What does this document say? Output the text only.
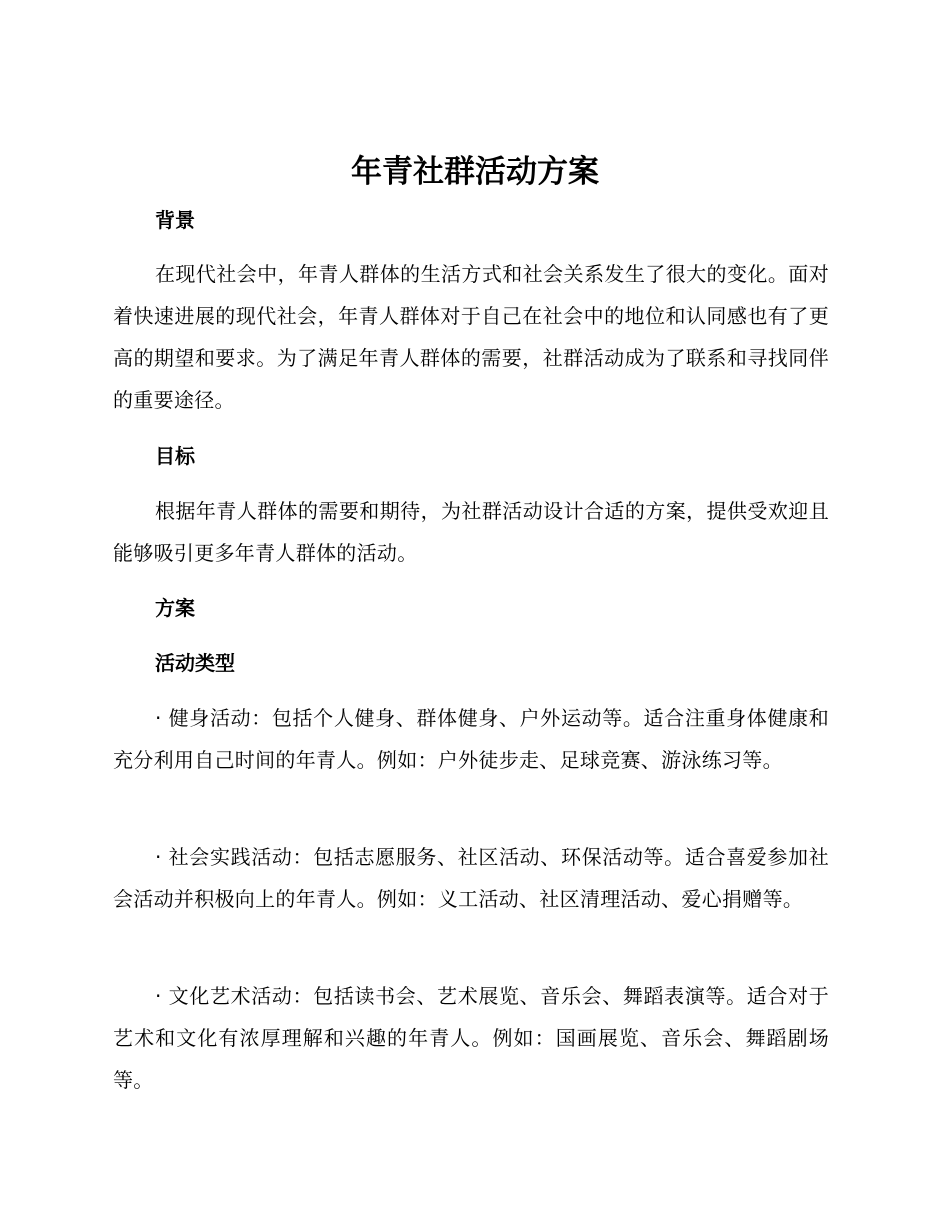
年青社群活动方案
背景

在现代社会中，年青人群体的生活方式和社会关系发生了很大的变化。面对着快速进展的现代社会，年青人群体对于自己在社会中的地位和认同感也有了更高的期望和要求。为了满足年青人群体的需要，社群活动成为了联系和寻找同伴的重要途径。

目标

根据年青人群体的需要和期待，为社群活动设计合适的方案，提供受欢迎且能够吸引更多年青人群体的活动。

方案
活动类型

· 健身活动：包括个人健身、群体健身、户外运动等。适合注重身体健康和充分利用自己时间的年青人。例如：户外徒步走、足球竞赛、游泳练习等。

· 社会实践活动：包括志愿服务、社区活动、环保活动等。适合喜爱参加社会活动并积极向上的年青人。例如：义工活动、社区清理活动、爱心捐赠等。

· 文化艺术活动：包括读书会、艺术展览、音乐会、舞蹈表演等。适合对于艺术和文化有浓厚理解和兴趣的年青人。例如：国画展览、音乐会、舞蹈剧场等。
